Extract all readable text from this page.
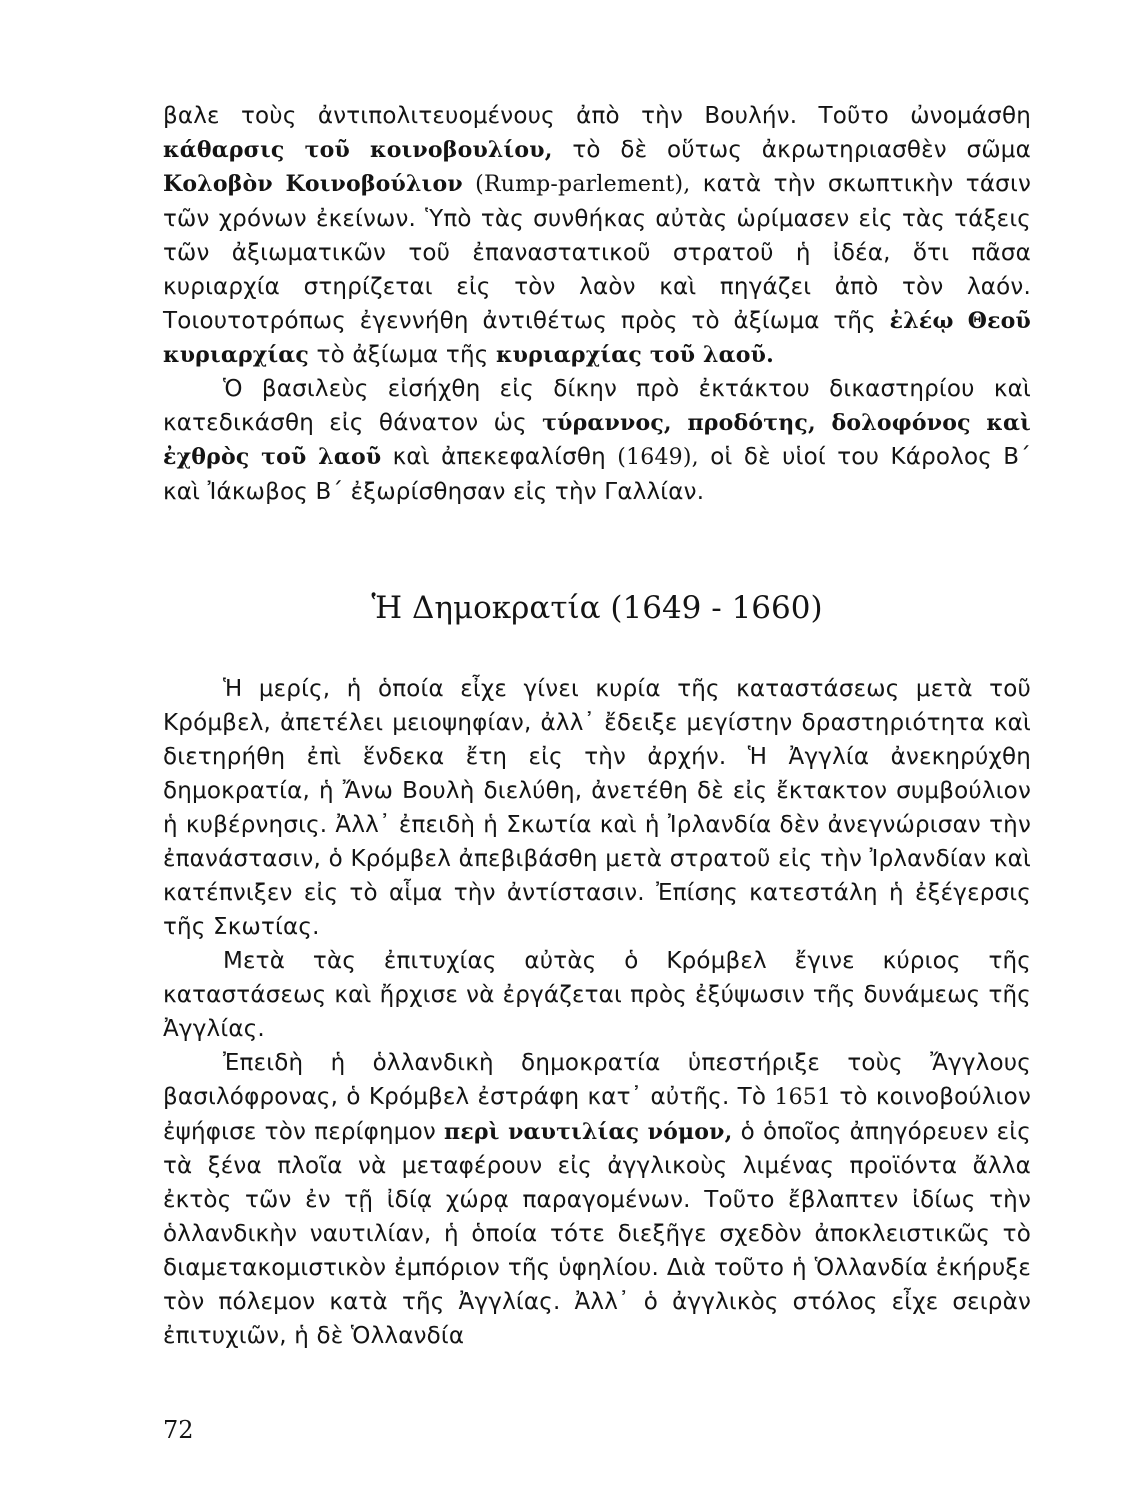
βαλε τοὺς ἀντιπολιτευομένους ἀπὸ τὴν Βουλήν. Τοῦτο ὠνομάσθη κάθαρσις τοῦ κοινοβουλίου, τὸ δὲ οὕτως ἀκρωτηριασθὲν σῶμα Κολοβὸν Κοινοβούλιον (Rump-parlement), κατὰ τὴν σκωπτικὴν τάσιν τῶν χρόνων ἐκείνων. Ὑπὸ τὰς συνθήκας αὐτὰς ὡρίμασεν εἰς τὰς τάξεις τῶν ἀξιωματικῶν τοῦ ἐπαναστατικοῦ στρατοῦ ἡ ἰδέα, ὅτι πᾶσα κυριαρχία στηρίζεται εἰς τὸν λαὸν καὶ πηγάζει ἀπὸ τὸν λαόν. Τοιουτοτρόπως ἐγεννήθη ἀντιθέτως πρὸς τὸ ἀξίωμα τῆς ἐλέῳ Θεοῦ κυριαρχίας τὸ ἀξίωμα τῆς κυριαρχίας τοῦ λαοῦ.

Ὁ βασιλεὺς εἰσήχθη εἰς δίκην πρὸ ἐκτάκτου δικαστηρίου καὶ κατεδικάσθη εἰς θάνατον ὡς τύραννος, προδότης, δολοφόνος καὶ ἐχθρὸς τοῦ λαοῦ καὶ ἀπεκεφαλίσθη (1649), οἱ δὲ υἱοί του Κάρολος Β΄ καὶ Ἰάκωβος Β΄ ἐξωρίσθησαν εἰς τὴν Γαλλίαν.

Ἡ Δημοκρατία (1649 - 1660)

Ἡ μερίς, ἡ ὁποία εἶχε γίνει κυρία τῆς καταστάσεως μετὰ τοῦ Κρόμβελ, ἀπετέλει μειοψηφίαν, ἀλλ᾽ ἔδειξε μεγίστην δραστηριότητα καὶ διετηρήθη ἐπὶ ἕνδεκα ἔτη εἰς τὴν ἀρχήν. Ἡ Ἀγγλία ἀνεκηρύχθη δημοκρατία, ἡ Ἄνω Βουλὴ διελύθη, ἀνετέθη δὲ εἰς ἔκτακτον συμβούλιον ἡ κυβέρνησις. Ἀλλ᾽ ἐπειδὴ ἡ Σκωτία καὶ ἡ Ἰρλανδία δὲν ἀνεγνώρισαν τὴν ἐπανάστασιν, ὁ Κρόμβελ ἀπεβιβάσθη μετὰ στρατοῦ εἰς τὴν Ἰρλανδίαν καὶ κατέπνιξεν εἰς τὸ αἷμα τὴν ἀντίστασιν. Ἐπίσης κατεστάλη ἡ ἐξέγερσις τῆς Σκωτίας.

Μετὰ τὰς ἐπιτυχίας αὐτὰς ὁ Κρόμβελ ἔγινε κύριος τῆς καταστάσεως καὶ ἤρχισε νὰ ἐργάζεται πρὸς ἐξύψωσιν τῆς δυνάμεως τῆς Ἀγγλίας.

Ἐπειδὴ ἡ ὁλλανδικὴ δημοκρατία ὑπεστήριξε τοὺς Ἄγγλους βασιλόφρονας, ὁ Κρόμβελ ἐστράφη κατ᾽ αὐτῆς. Τὸ 1651 τὸ κοινοβούλιον ἐψήφισε τὸν περίφημον περὶ ναυτιλίας νόμον, ὁ ὁποῖος ἀπηγόρευεν εἰς τὰ ξένα πλοῖα νὰ μεταφέρουν εἰς ἀγγλικοὺς λιμένας προϊόντα ἄλλα ἐκτὸς τῶν ἐν τῇ ἰδίᾳ χώρᾳ παραγομένων. Τοῦτο ἔβλαπτεν ἰδίως τὴν ὁλλανδικὴν ναυτιλίαν, ἡ ὁποία τότε διεξῆγε σχεδὸν ἀποκλειστικῶς τὸ διαμετακομιστικὸν ἐμπόριον τῆς ὑφηλίου. Διὰ τοῦτο ἡ Ὁλλανδία ἐκήρυξε τὸν πόλεμον κατὰ τῆς Ἀγγλίας. Ἀλλ᾽ ὁ ἀγγλικὸς στόλος εἶχε σειρὰν ἐπιτυχιῶν, ἡ δὲ Ὁλλανδία

72
